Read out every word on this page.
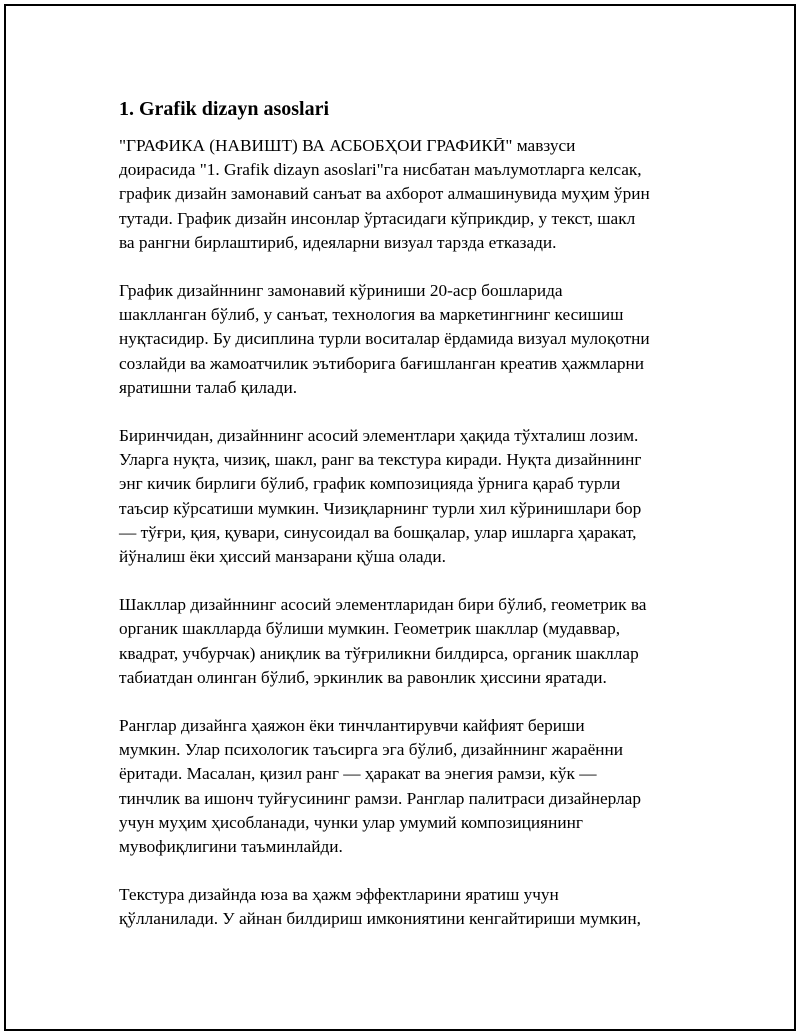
1. Grafik dizayn asoslari

"ГРАФИКА (НАВИШТ) ВА АСБОБҲОИ ГРАФИКӢ" мавзуси
доирасида "1. Grafik dizayn asoslari"га нисбатан маълумотларга келсак,
график дизайн замонавий санъат ва ахборот алмашинувида муҳим ўрин
тутади. График дизайн инсонлар ўртасидаги кўприкдир, у текст, шакл
ва рангни бирлаштириб, идеяларни визуал тарзда етказади.

График дизайннинг замонавий кўриниши 20-аср бошларида
шаклланган бўлиб, у санъат, технология ва маркетингнинг кесишиш
нуқтасидир. Бу дисиплина турли воситалар ёрдамида визуал мулоқотни
созлайди ва жамоатчилик эътиборига бағишланган креатив ҳажмларни
яратишни талаб қилади.

Биринчидан, дизайннинг асосий элементлари ҳақида тўхталиш лозим.
Уларга нуқта, чизиқ, шакл, ранг ва текстура киради. Нуқта дизайннинг
энг кичик бирлиги бўлиб, график композицияда ўрнига қараб турли
таъсир кўрсатиши мумкин. Чизиқларнинг турли хил кўринишлари бор
— тўғри, қия, қувари, синусоидал ва бошқалар, улар ишларга ҳаракат,
йўналиш ёки ҳиссий манзарани қўша олади.

Шакллар дизайннинг асосий элементларидан бири бўлиб, геометрик ва
органик шаклларда бўлиши мумкин. Геометрик шакллар (мудаввар,
квадрат, учбурчак) аниқлик ва тўғриликни билдирса, органик шакллар
табиатдан олинган бўлиб, эркинлик ва равонлик ҳиссини яратади.

Ранглар дизайнга ҳаяжон ёки тинчлантирувчи кайфият бериши
мумкин. Улар психологик таъсирга эга бўлиб, дизайннинг жараённи
ёритади. Масалан, қизил ранг — ҳаракат ва энегия рамзи, кўк —
тинчлик ва ишонч туйғусининг рамзи. Ранглар палитраси дизайнерлар
учун муҳим ҳисобланади, чунки улар умумий композициянинг
мувофиқлигини таъминлайди.

Текстура дизайнда юза ва ҳажм эффектларини яратиш учун
қўлланилади. У айнан билдириш имкониятини кенгайтириши мумкин,
